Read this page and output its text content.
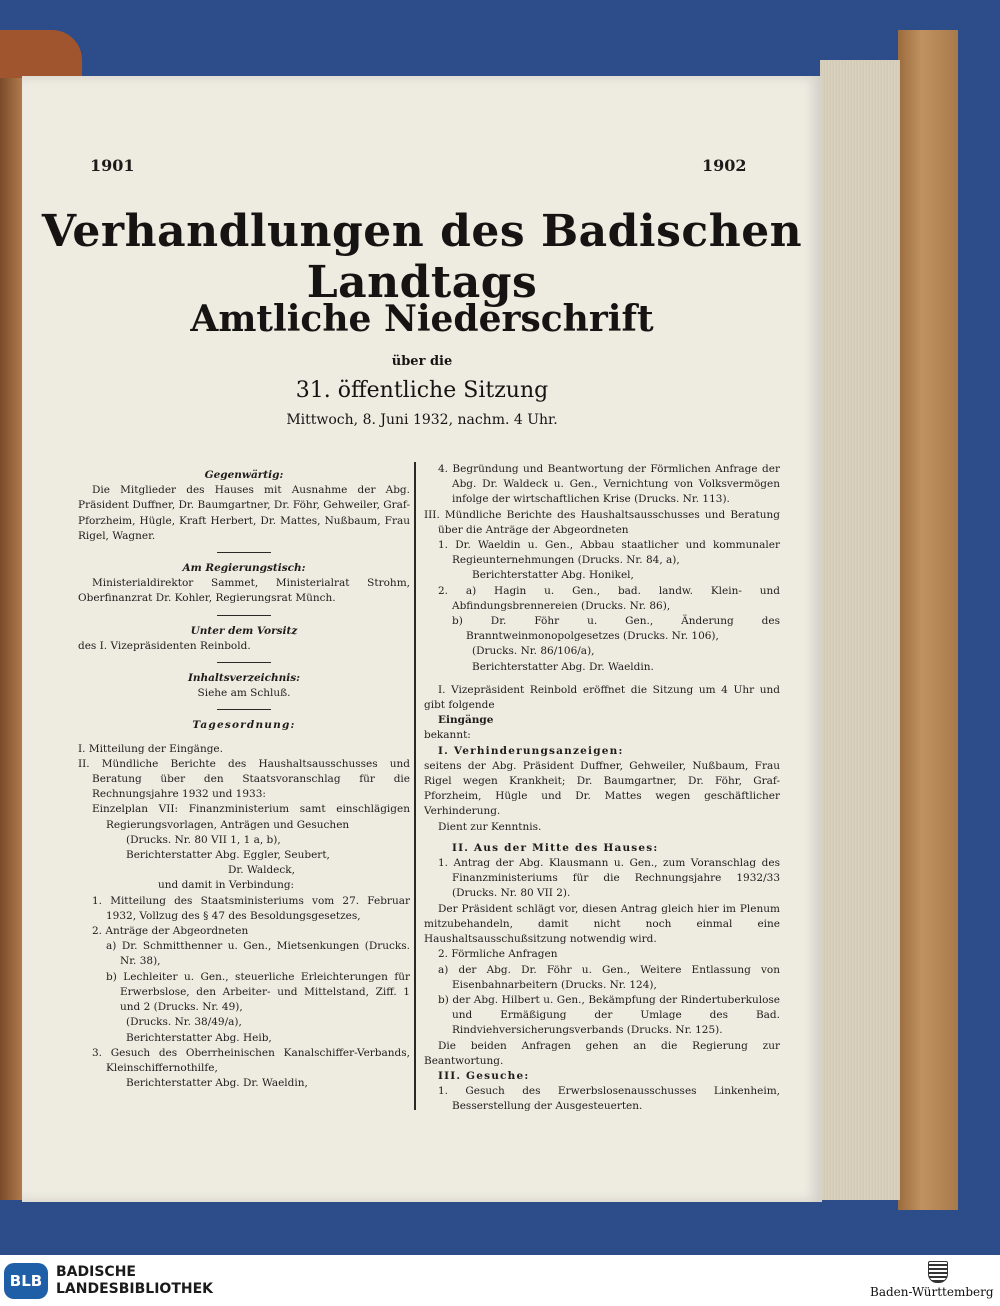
1901	1902
Verhandlungen des Badischen Landtags
Amtliche Niederschrift
über die
31. öffentliche Sitzung
Mittwoch, 8. Juni 1932, nachm. 4 Uhr.

Gegenwärtig:

Die Mitglieder des Hauses mit Ausnahme der Abg. Präsident Duffner, Dr. Baumgartner, Dr. Föhr, Gehweiler, Graf-Pforzheim, Hügle, Kraft Herbert, Dr. Mattes, Nußbaum, Frau Rigel, Wagner.

Am Regierungstisch:

Ministerialdirektor Sammet, Ministerialrat Strohm, Oberfinanzrat Dr. Kohler, Regierungsrat Münch.

Unter dem Vorsitz

des I. Vizepräsidenten Reinbold.

Inhaltsverzeichnis:

Siehe am Schluß.

Tagesordnung:

I. Mitteilung der Eingänge.

II. Mündliche Berichte des Haushaltsausschusses und Beratung über den Staatsvoranschlag für die Rechnungsjahre 1932 und 1933:

Einzelplan VII: Finanzministerium samt einschlägigen Regierungsvorlagen, Anträgen und Gesuchen

(Drucks. Nr. 80 VII 1, 1 a, b),

Berichterstatter Abg. Eggler, Seubert,

Dr. Waldeck,

und damit in Verbindung:

1. Mitteilung des Staatsministeriums vom 27. Februar 1932, Vollzug des § 47 des Besoldungsgesetzes,

2. Anträge der Abgeordneten

a) Dr. Schmitthenner u. Gen., Mietsenkungen (Drucks. Nr. 38),

b) Lechleiter u. Gen., steuerliche Erleichterungen für Erwerbslose, den Arbeiter- und Mittelstand, Ziff. 1 und 2 (Drucks. Nr. 49),

(Drucks. Nr. 38/49/a),

Berichterstatter Abg. Heib,

3. Gesuch des Oberrheinischen Kanalschiffer-Verbands, Kleinschiffernothilfe,

Berichterstatter Abg. Dr. Waeldin,

4. Begründung und Beantwortung der Förmlichen Anfrage der Abg. Dr. Waldeck u. Gen., Vernichtung von Volksvermögen infolge der wirtschaftlichen Krise (Drucks. Nr. 113).

III. Mündliche Berichte des Haushaltsausschusses und Beratung über die Anträge der Abgeordneten

1. Dr. Waeldin u. Gen., Abbau staatlicher und kommunaler Regieunternehmungen (Drucks. Nr. 84, a),

Berichterstatter Abg. Honikel,

2. a) Hagin u. Gen., bad. landw. Klein- und Abfindungsbrennereien (Drucks. Nr. 86),

b) Dr. Föhr u. Gen., Änderung des Branntweinmonopolgesetzes (Drucks. Nr. 106),

(Drucks. Nr. 86/106/a),

Berichterstatter Abg. Dr. Waeldin.

I. Vizepräsident Reinbold eröffnet die Sitzung um 4 Uhr und gibt folgende

Eingänge

bekannt:

I. Verhinderungsanzeigen:

seitens der Abg. Präsident Duffner, Gehweiler, Nußbaum, Frau Rigel wegen Krankheit; Dr. Baumgartner, Dr. Föhr, Graf-Pforzheim, Hügle und Dr. Mattes wegen geschäftlicher Verhinderung.

Dient zur Kenntnis.

II. Aus der Mitte des Hauses:

1. Antrag der Abg. Klausmann u. Gen., zum Voranschlag des Finanzministeriums für die Rechnungsjahre 1932/33 (Drucks. Nr. 80 VII 2).

Der Präsident schlägt vor, diesen Antrag gleich hier im Plenum mitzubehandeln, damit nicht noch einmal eine Haushaltsausschußsitzung notwendig wird.

2. Förmliche Anfragen

a) der Abg. Dr. Föhr u. Gen., Weitere Entlassung von Eisenbahnarbeitern (Drucks. Nr. 124),

b) der Abg. Hilbert u. Gen., Bekämpfung der Rindertuberkulose und Ermäßigung der Umlage des Bad. Rindviehversicherungsverbands (Drucks. Nr. 125).

Die beiden Anfragen gehen an die Regierung zur Beantwortung.

III. Gesuche:

1. Gesuch des Erwerbslosenausschusses Linkenheim, Besserstellung der Ausgesteuerten.

BLB BADISCHE
LANDESBIBLIOTHEK	Baden-Württemberg
